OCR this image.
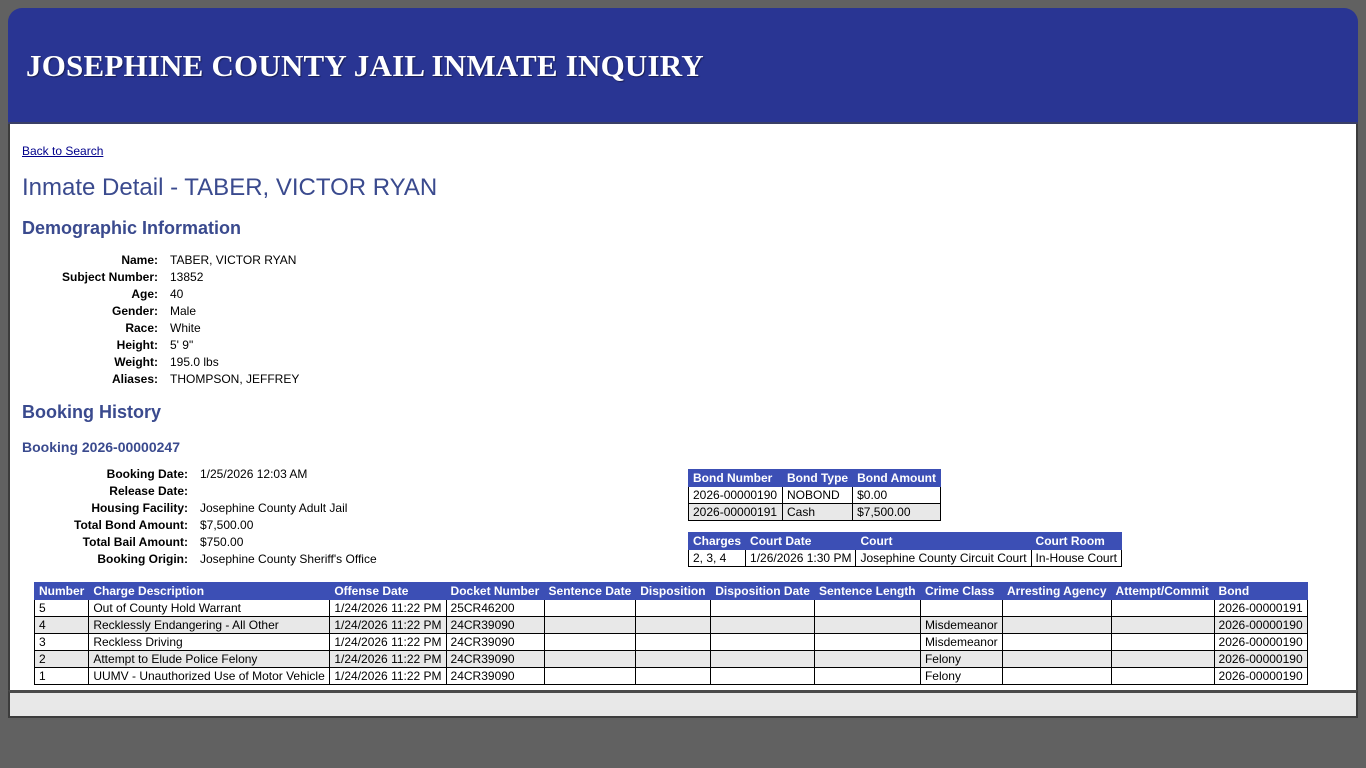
JOSEPHINE COUNTY JAIL INMATE INQUIRY
Back to Search
Inmate Detail - TABER, VICTOR RYAN
Demographic Information
Name:	TABER, VICTOR RYAN
Subject Number:	13852
Age:	40
Gender:	Male
Race:	White
Height:	5' 9"
Weight:	195.0 lbs
Aliases:	THOMPSON, JEFFREY
Booking History
Booking 2026-00000247
Booking Date:	1/25/2026 12:03 AM
Release Date:	
Housing Facility:	Josephine County Adult Jail
Total Bond Amount:	$7,500.00
Total Bail Amount:	$750.00
Booking Origin:	Josephine County Sheriff's Office
Bond Number	Bond Type	Bond Amount
2026-00000190	NOBOND	$0.00
2026-00000191	Cash	$7,500.00
Charges	Court Date	Court	Court Room
2, 3, 4	1/26/2026 1:30 PM	Josephine County Circuit Court	In-House Court
Number	Charge Description	Offense Date	Docket Number	Sentence Date	Disposition	Disposition Date	Sentence Length	Crime Class	Arresting Agency	Attempt/Commit	Bond
5	Out of County Hold Warrant	1/24/2026 11:22 PM	25CR46200								2026-00000191
4	Recklessly Endangering - All Other	1/24/2026 11:22 PM	24CR39090					Misdemeanor			2026-00000190
3	Reckless Driving	1/24/2026 11:22 PM	24CR39090					Misdemeanor			2026-00000190
2	Attempt to Elude Police Felony	1/24/2026 11:22 PM	24CR39090					Felony			2026-00000190
1	UUMV - Unauthorized Use of Motor Vehicle	1/24/2026 11:22 PM	24CR39090					Felony			2026-00000190
